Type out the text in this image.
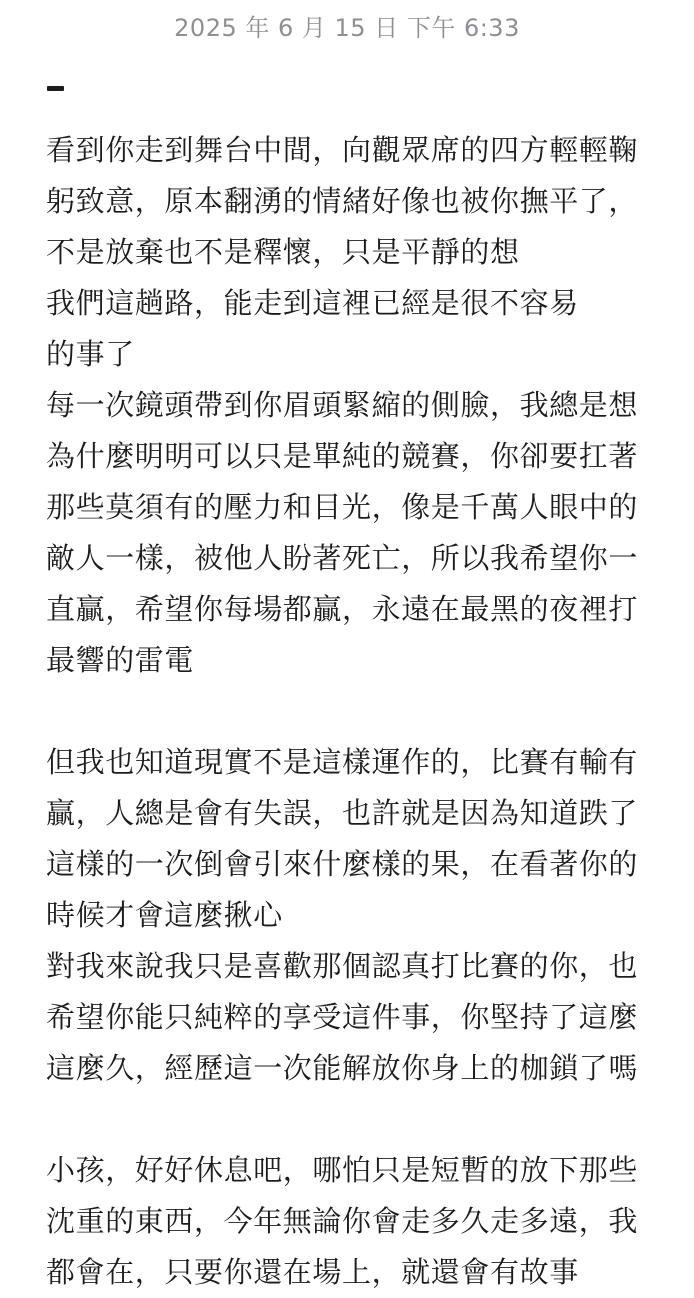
2025 年 6 月 15 日 下午 6:33
看到你走到舞台中間，向觀眾席的四方輕輕鞠
躬致意，原本翻湧的情緒好像也被你撫平了，
不是放棄也不是釋懷，只是平靜的想
我們這趟路，能走到這裡已經是很不容易
的事了
每一次鏡頭帶到你眉頭緊縮的側臉，我總是想
為什麼明明可以只是單純的競賽，你卻要扛著
那些莫須有的壓力和目光，像是千萬人眼中的
敵人一樣，被他人盼著死亡，所以我希望你一
直贏，希望你每場都贏，永遠在最黑的夜裡打
最響的雷電
但我也知道現實不是這樣運作的，比賽有輸有
贏，人總是會有失誤，也許就是因為知道跌了
這樣的一次倒會引來什麼樣的果，在看著你的
時候才會這麼揪心
對我來說我只是喜歡那個認真打比賽的你，也
希望你能只純粹的享受這件事，你堅持了這麼
這麼久，經歷這一次能解放你身上的枷鎖了嗎
小孩，好好休息吧，哪怕只是短暫的放下那些
沈重的東西，今年無論你會走多久走多遠，我
都會在，只要你還在場上，就還會有故事
